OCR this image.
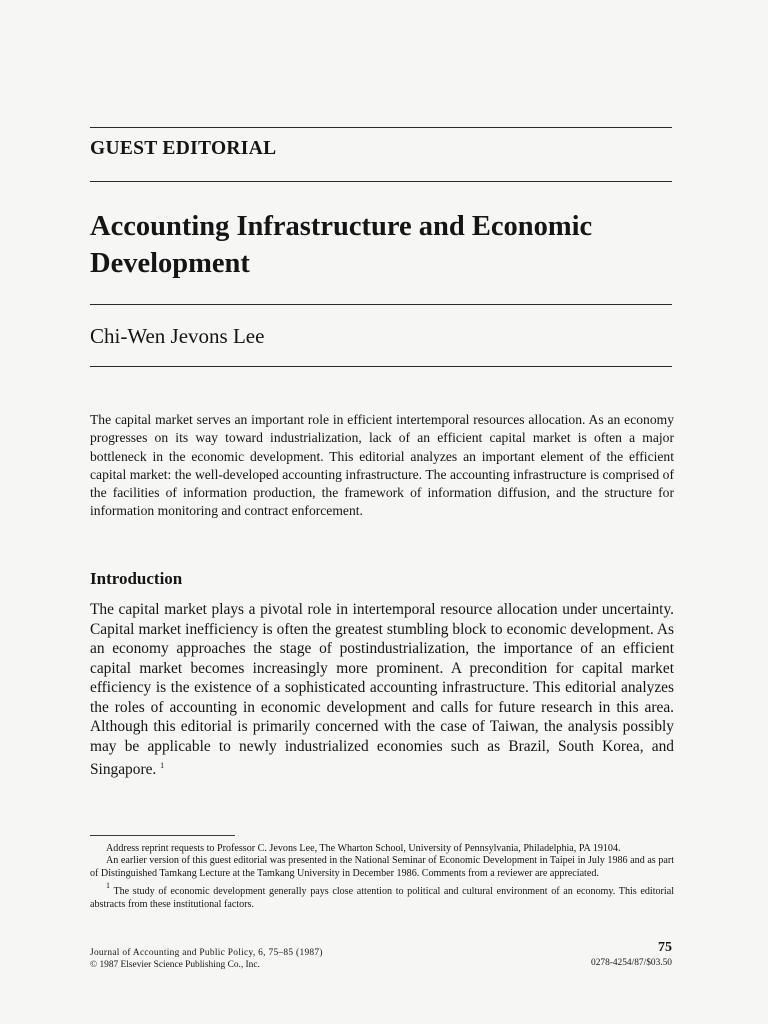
GUEST EDITORIAL
Accounting Infrastructure and Economic Development

Chi-Wen Jevons Lee

The capital market serves an important role in efficient intertemporal resources allocation. As an economy progresses on its way toward industrialization, lack of an efficient capital market is often a major bottleneck in the economic development. This editorial analyzes an important element of the efficient capital market: the well-developed accounting infrastructure. The accounting infrastructure is comprised of the facilities of information production, the framework of information diffusion, and the structure for information monitoring and contract enforcement.

Introduction

The capital market plays a pivotal role in intertemporal resource allocation under uncertainty. Capital market inefficiency is often the greatest stumbling block to economic development. As an economy approaches the stage of postindustrialization, the importance of an efficient capital market becomes increasingly more prominent. A precondition for capital market efficiency is the existence of a sophisticated accounting infrastructure. This editorial analyzes the roles of accounting in economic development and calls for future research in this area. Although this editorial is primarily concerned with the case of Taiwan, the analysis possibly may be applicable to newly industrialized economies such as Brazil, South Korea, and Singapore. $^1$

Address reprint requests to Professor C. Jevons Lee, The Wharton School, University of Pennsylvania, Philadelphia, PA 19104.

An earlier version of this guest editorial was presented in the National Seminar of Economic Development in Taipei in July 1986 and as part of Distinguished Tamkang Lecture at the Tamkang University in December 1986. Comments from a reviewer are appreciated.

$^1$ The study of economic development generally pays close attention to political and cultural environment of an economy. This editorial abstracts from these institutional factors.

Journal of Accounting and Public Policy, 6, 75–85 (1987)
© 1987 Elsevier Science Publishing Co., Inc.

75

0278-4254/87/$03.50
